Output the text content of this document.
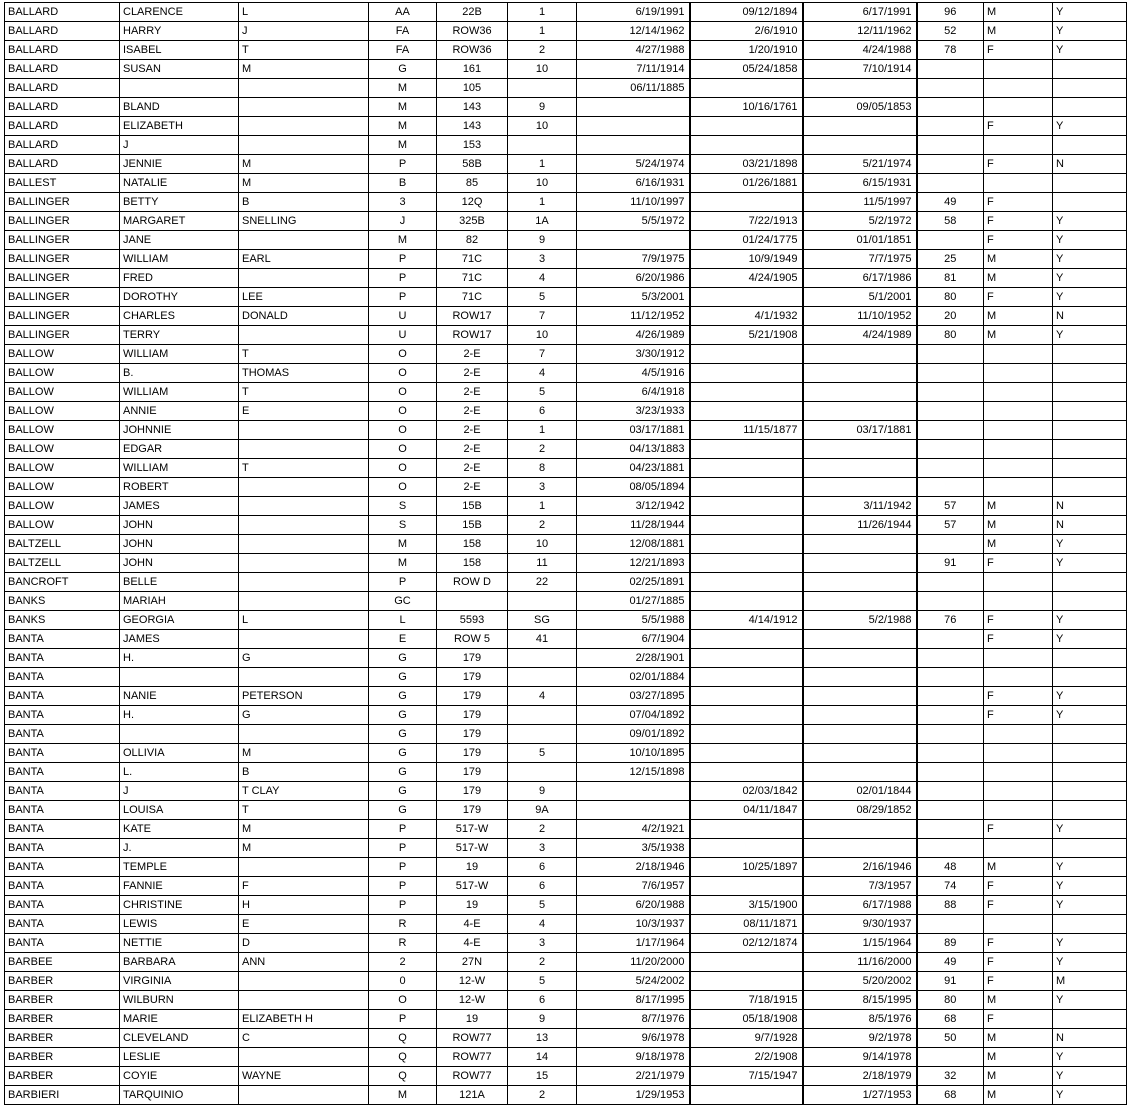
BALLARD	CLARENCE	L	AA	22B	1	6/19/1991	09/12/1894	6/17/1991	96	M	Y
BALLARD	HARRY	J	FA	ROW36	1	12/14/1962	2/6/1910	12/11/1962	52	M	Y
BALLARD	ISABEL	T	FA	ROW36	2	4/27/1988	1/20/1910	4/24/1988	78	F	Y
BALLARD	SUSAN	M	G	161	10	7/11/1914	05/24/1858	7/10/1914			
BALLARD			M	105		06/11/1885					
BALLARD	BLAND		M	143	9		10/16/1761	09/05/1853			
BALLARD	ELIZABETH		M	143	10					F	Y
BALLARD	J		M	153							
BALLARD	JENNIE	M	P	58B	1	5/24/1974	03/21/1898	5/21/1974		F	N
BALLEST	NATALIE	M	B	85	10	6/16/1931	01/26/1881	6/15/1931			
BALLINGER	BETTY	B	3	12Q	1	11/10/1997		11/5/1997	49	F	
BALLINGER	MARGARET	SNELLING	J	325B	1A	5/5/1972	7/22/1913	5/2/1972	58	F	Y
BALLINGER	JANE		M	82	9		01/24/1775	01/01/1851		F	Y
BALLINGER	WILLIAM	EARL	P	71C	3	7/9/1975	10/9/1949	7/7/1975	25	M	Y
BALLINGER	FRED		P	71C	4	6/20/1986	4/24/1905	6/17/1986	81	M	Y
BALLINGER	DOROTHY	LEE	P	71C	5	5/3/2001		5/1/2001	80	F	Y
BALLINGER	CHARLES	DONALD	U	ROW17	7	11/12/1952	4/1/1932	11/10/1952	20	M	N
BALLINGER	TERRY		U	ROW17	10	4/26/1989	5/21/1908	4/24/1989	80	M	Y
BALLOW	WILLIAM	T	O	2-E	7	3/30/1912					
BALLOW	B.	THOMAS	O	2-E	4	4/5/1916					
BALLOW	WILLIAM	T	O	2-E	5	6/4/1918					
BALLOW	ANNIE	E	O	2-E	6	3/23/1933					
BALLOW	JOHNNIE		O	2-E	1	03/17/1881	11/15/1877	03/17/1881			
BALLOW	EDGAR		O	2-E	2	04/13/1883					
BALLOW	WILLIAM	T	O	2-E	8	04/23/1881					
BALLOW	ROBERT		O	2-E	3	08/05/1894					
BALLOW	JAMES		S	15B	1	3/12/1942		3/11/1942	57	M	N
BALLOW	JOHN		S	15B	2	11/28/1944		11/26/1944	57	M	N
BALTZELL	JOHN		M	158	10	12/08/1881				M	Y
BALTZELL	JOHN		M	158	11	12/21/1893			91	F	Y
BANCROFT	BELLE		P	ROW D	22	02/25/1891					
BANKS	MARIAH		GC			01/27/1885					
BANKS	GEORGIA	L	L	5593	SG	5/5/1988	4/14/1912	5/2/1988	76	F	Y
BANTA	JAMES		E	ROW 5	41	6/7/1904				F	Y
BANTA	H.	G	G	179		2/28/1901					
BANTA			G	179		02/01/1884					
BANTA	NANIE	PETERSON	G	179	4	03/27/1895				F	Y
BANTA	H.	G	G	179		07/04/1892				F	Y
BANTA			G	179		09/01/1892					
BANTA	OLLIVIA	M	G	179	5	10/10/1895					
BANTA	L.	B	G	179		12/15/1898					
BANTA	J	T CLAY	G	179	9		02/03/1842	02/01/1844			
BANTA	LOUISA	T	G	179	9A		04/11/1847	08/29/1852			
BANTA	KATE	M	P	517-W	2	4/2/1921				F	Y
BANTA	J.	M	P	517-W	3	3/5/1938					
BANTA	TEMPLE		P	19	6	2/18/1946	10/25/1897	2/16/1946	48	M	Y
BANTA	FANNIE	F	P	517-W	6	7/6/1957		7/3/1957	74	F	Y
BANTA	CHRISTINE	H	P	19	5	6/20/1988	3/15/1900	6/17/1988	88	F	Y
BANTA	LEWIS	E	R	4-E	4	10/3/1937	08/11/1871	9/30/1937			
BANTA	NETTIE	D	R	4-E	3	1/17/1964	02/12/1874	1/15/1964	89	F	Y
BARBEE	BARBARA	ANN	2	27N	2	11/20/2000		11/16/2000	49	F	Y
BARBER	VIRGINIA		0	12-W	5	5/24/2002		5/20/2002	91	F	M
BARBER	WILBURN		O	12-W	6	8/17/1995	7/18/1915	8/15/1995	80	M	Y
BARBER	MARIE	ELIZABETH H	P	19	9	8/7/1976	05/18/1908	8/5/1976	68	F	
BARBER	CLEVELAND	C	Q	ROW77	13	9/6/1978	9/7/1928	9/2/1978	50	M	N
BARBER	LESLIE		Q	ROW77	14	9/18/1978	2/2/1908	9/14/1978		M	Y
BARBER	COYIE	WAYNE	Q	ROW77	15	2/21/1979	7/15/1947	2/18/1979	32	M	Y
BARBIERI	TARQUINIO		M	121A	2	1/29/1953		1/27/1953	68	M	Y
